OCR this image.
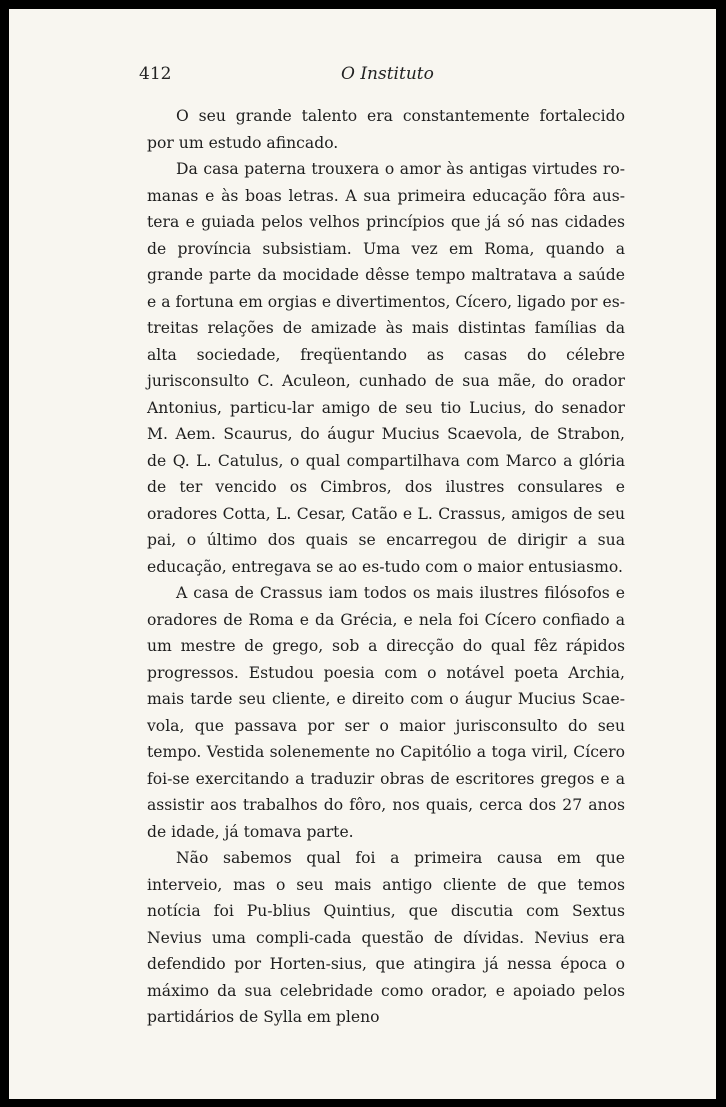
412	O Instituto

O seu grande talento era constantemente fortalecido por um estudo afincado.

Da casa paterna trouxera o amor às antigas virtudes ro-manas e às boas letras. A sua primeira educação fôra aus-tera e guiada pelos velhos princípios que já só nas cidades de província subsistiam. Uma vez em Roma, quando a grande parte da mocidade dêsse tempo maltratava a saúde e a fortuna em orgias e divertimentos, Cícero, ligado por es-treitas relações de amizade às mais distintas famílias da alta sociedade, freqüentando as casas do célebre jurisconsulto C. Aculeon, cunhado de sua mãe, do orador Antonius, particu-lar amigo de seu tio Lucius, do senador M. Aem. Scaurus, do áugur Mucius Scaevola, de Strabon, de Q. L. Catulus, o qual compartilhava com Marco a glória de ter vencido os Cimbros, dos ilustres consulares e oradores Cotta, L. Cesar, Catão e L. Crassus, amigos de seu pai, o último dos quais se encarregou de dirigir a sua educação, entregava se ao es-tudo com o maior entusiasmo.

A casa de Crassus iam todos os mais ilustres filósofos e oradores de Roma e da Grécia, e nela foi Cícero confiado a um mestre de grego, sob a direcção do qual fêz rápidos progressos. Estudou poesia com o notável poeta Archia, mais tarde seu cliente, e direito com o áugur Mucius Scae-vola, que passava por ser o maior jurisconsulto do seu tempo. Vestida solenemente no Capitólio a toga viril, Cícero foi-se exercitando a traduzir obras de escritores gregos e a assistir aos trabalhos do fôro, nos quais, cerca dos 27 anos de idade, já tomava parte.

Não sabemos qual foi a primeira causa em que interveio, mas o seu mais antigo cliente de que temos notícia foi Pu-blius Quintius, que discutia com Sextus Nevius uma compli-cada questão de dívidas. Nevius era defendido por Horten-sius, que atingira já nessa época o máximo da sua celebridade como orador, e apoiado pelos partidários de Sylla em pleno
